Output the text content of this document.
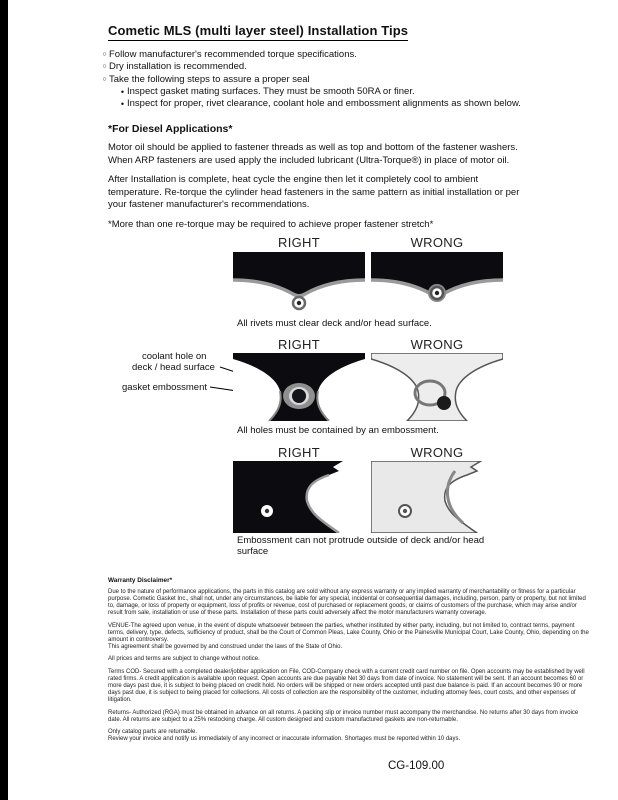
Cometic MLS (multi layer steel) Installation Tips
○ Follow manufacturer's recommended torque specifications.
○ Dry installation is recommended.
○ Take the following steps to assure a proper seal
• Inspect gasket mating surfaces. They must be smooth 50RA or finer.
• Inspect for proper, rivet clearance, coolant hole and embossment alignments as shown below.
*For Diesel Applications*

Motor oil should be applied to fastener threads as well as top and bottom of the fastener washers. When ARP fasteners are used apply the included lubricant (Ultra-Torque®) in place of motor oil.

After Installation is complete, heat cycle the engine then let it completely cool to ambient temperature. Re-torque the cylinder head fasteners in the same pattern as initial installation or per your fastener manufacturer's recommendations.

*More than one re-torque may be required to achieve proper fastener stretch*

RIGHT	WRONG
All rivets must clear deck and/or head surface.
RIGHT	WRONG
coolant hole on
deck / head surface
gasket embossment
All holes must be contained by an embossment.
RIGHT	WRONG
Embossment can not protrude outside of deck and/or head surface
Warranty Disclaimer*

Due to the nature of performance applications, the parts in this catalog are sold without any express warranty or any implied warranty of merchantability or fitness for a particular purpose. Cometic Gasket Inc., shall not, under any circumstances, be liable for any special, incidental or consequential damages, including, person, party or property, but not limited to, damage, or loss of property or equipment, loss of profits or revenue, cost of purchased or replacement goods, or claims of customers of the purchase, which may arise and/or result from sale, installation or use of these parts. Installation of these parts could adversely affect the motor manufacturers warranty coverage.

VENUE-The agreed upon venue, in the event of dispute whatsoever between the parties, whether instituted by either party, including, but not limited to, contract terms, payment terms, delivery, type, defects, sufficiency of product, shall be the Court of Common Pleas, Lake County, Ohio or the Painesville Municipal Court, Lake County, Ohio, depending on the amount in controversy.

This agreement shall be governed by and construed under the laws of the State of Ohio.

All prices and terms are subject to change without notice.

Terms COD- Secured with a completed dealer/jobber application on File, COD-Company check with a current credit card number on file. Open accounts may be established by well rated firms. A credit application is available upon request. Open accounts are due payable Net 30 days from date of invoice. No statement will be sent. If an account becomes 60 or more days past due, it is subject to being placed on credit hold. No orders will be shipped or new orders accepted until past due balance is paid. If an account becomes 90 or more days past due, it is subject to being placed for collections. All costs of collection are the responsibility of the customer, including attorney fees, court costs, and other expenses of litigation.

Returns- Authorized (RGA) must be obtained in advance on all returns. A packing slip or invoice number must accompany the merchandise. No returns after 30 days from invoice date. All returns are subject to a 25% restocking charge. All custom designed and custom manufactured gaskets are non-returnable.

Only catalog parts are returnable.

Review your invoice and notify us immediately of any incorrect or inaccurate information. Shortages must be reported within 10 days.

CG-109.00
